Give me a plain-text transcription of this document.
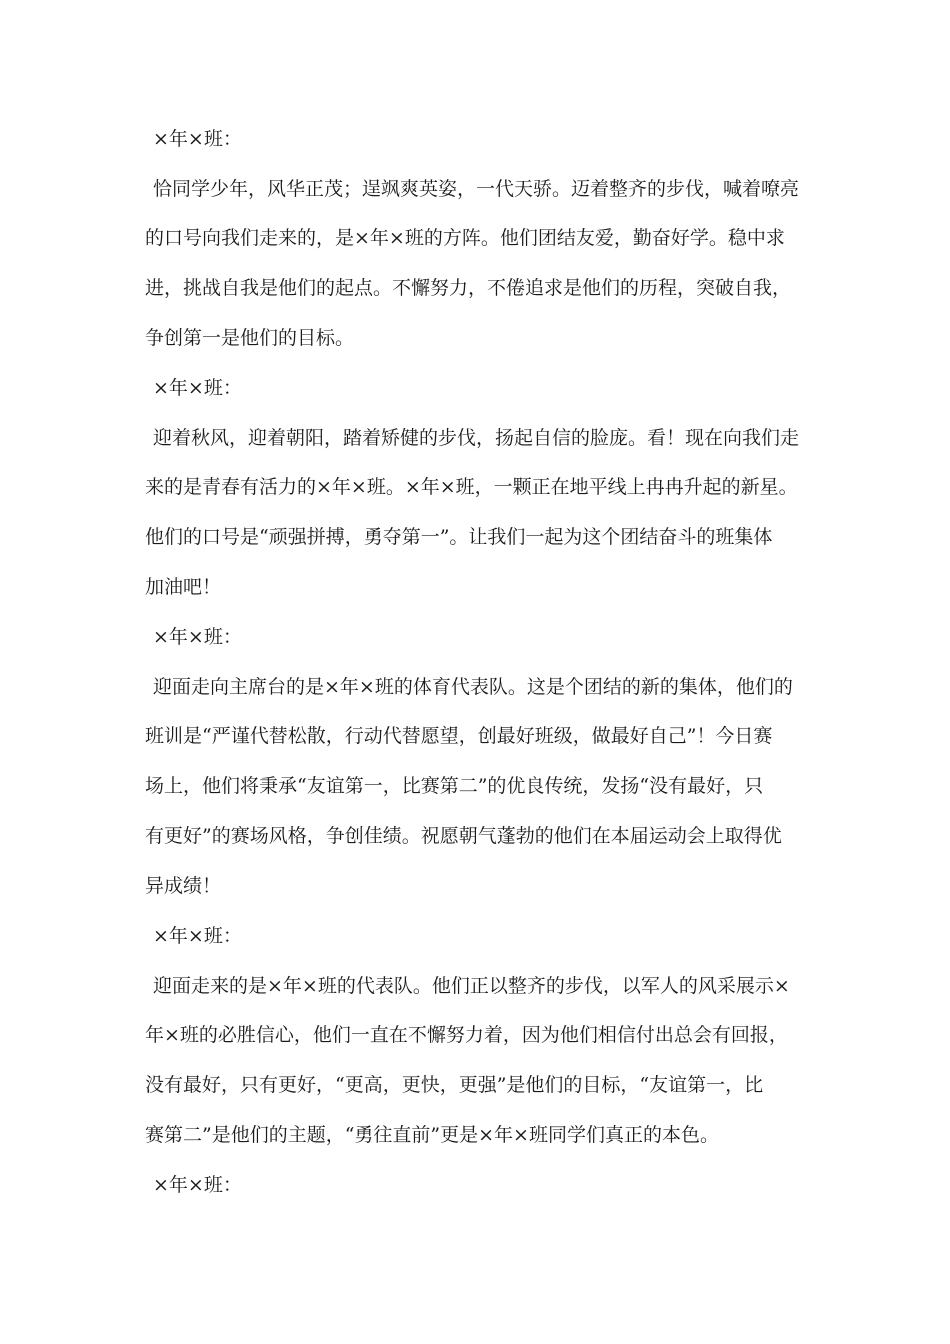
×年×班：
恰同学少年，风华正茂；逞飒爽英姿，一代天骄。迈着整齐的步伐，喊着嘹亮
的口号向我们走来的，是×年×班的方阵。他们团结友爱，勤奋好学。稳中求
进，挑战自我是他们的起点。不懈努力，不倦追求是他们的历程，突破自我，
争创第一是他们的目标。
×年×班：
迎着秋风，迎着朝阳，踏着矫健的步伐，扬起自信的脸庞。看！现在向我们走
来的是青春有活力的×年×班。×年×班，一颗正在地平线上冉冉升起的新星。
他们的口号是“顽强拼搏，勇夺第一”。让我们一起为这个团结奋斗的班集体
加油吧！
×年×班：
迎面走向主席台的是×年×班的体育代表队。这是个团结的新的集体，他们的
班训是“严谨代替松散，行动代替愿望，创最好班级，做最好自己”！今日赛
场上，他们将秉承“友谊第一，比赛第二”的优良传统，发扬“没有最好，只
有更好”的赛场风格，争创佳绩。祝愿朝气蓬勃的他们在本届运动会上取得优
异成绩！
×年×班：
迎面走来的是×年×班的代表队。他们正以整齐的步伐，以军人的风采展示×
年×班的必胜信心，他们一直在不懈努力着，因为他们相信付出总会有回报，
没有最好，只有更好，“更高，更快，更强”是他们的目标，“友谊第一，比
赛第二”是他们的主题，“勇往直前”更是×年×班同学们真正的本色。
×年×班：
